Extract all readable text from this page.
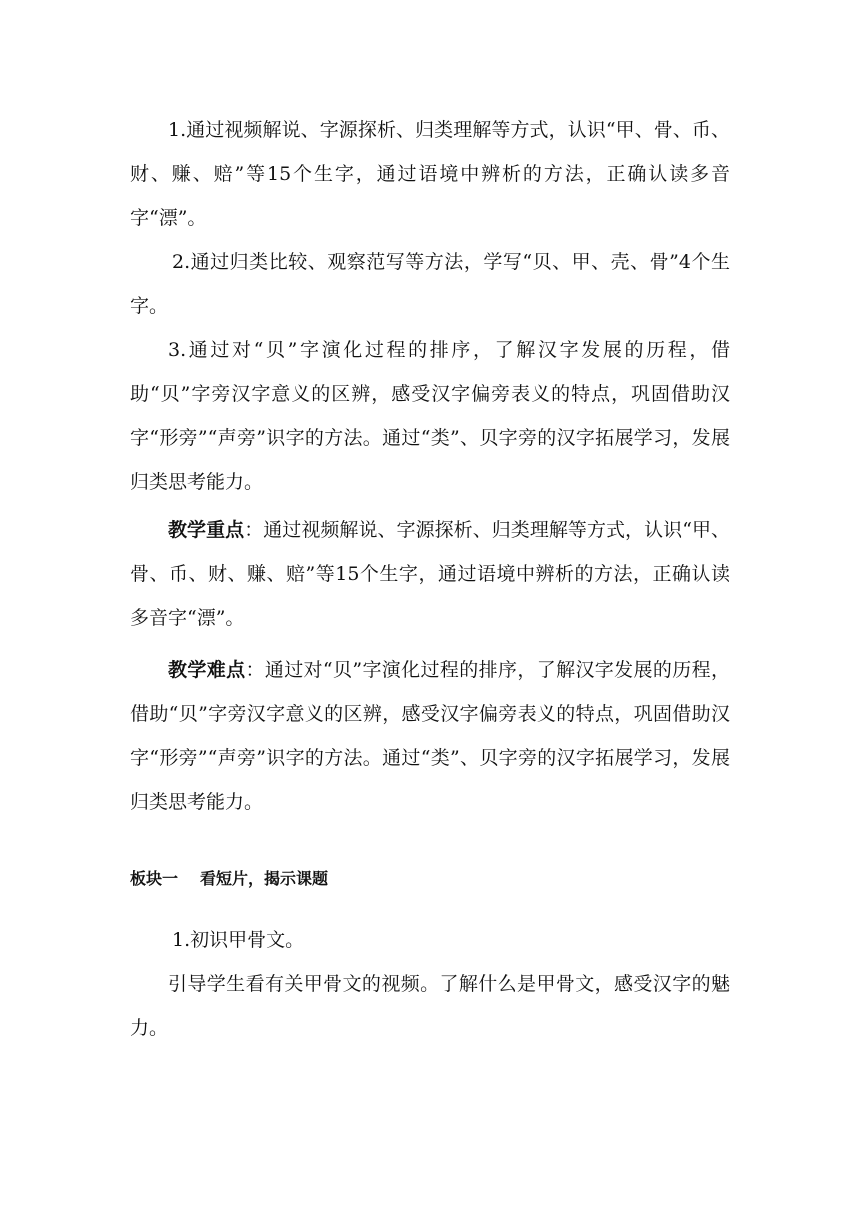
1.通过视频解说、字源探析、归类理解等方式，认识“甲、骨、币、财、赚、赔”等15个生字，通过语境中辨析的方法，正确认读多音字“漂”。

2.通过归类比较、观察范写等方法，学写“贝、甲、壳、骨”4个生字。

3.通过对“贝”字演化过程的排序，了解汉字发展的历程，借助“贝”字旁汉字意义的区辨，感受汉字偏旁表义的特点，巩固借助汉字“形旁”“声旁”识字的方法。通过“类”、贝字旁的汉字拓展学习，发展归类思考能力。

教学重点：通过视频解说、字源探析、归类理解等方式，认识“甲、骨、币、财、赚、赔”等15个生字，通过语境中辨析的方法，正确认读多音字“漂”。

教学难点：通过对“贝”字演化过程的排序，了解汉字发展的历程，借助“贝”字旁汉字意义的区辨，感受汉字偏旁表义的特点，巩固借助汉字“形旁”“声旁”识字的方法。通过“类”、贝字旁的汉字拓展学习，发展归类思考能力。

板块一 看短片，揭示课题

1.初识甲骨文。

引导学生看有关甲骨文的视频。了解什么是甲骨文，感受汉字的魅力。
